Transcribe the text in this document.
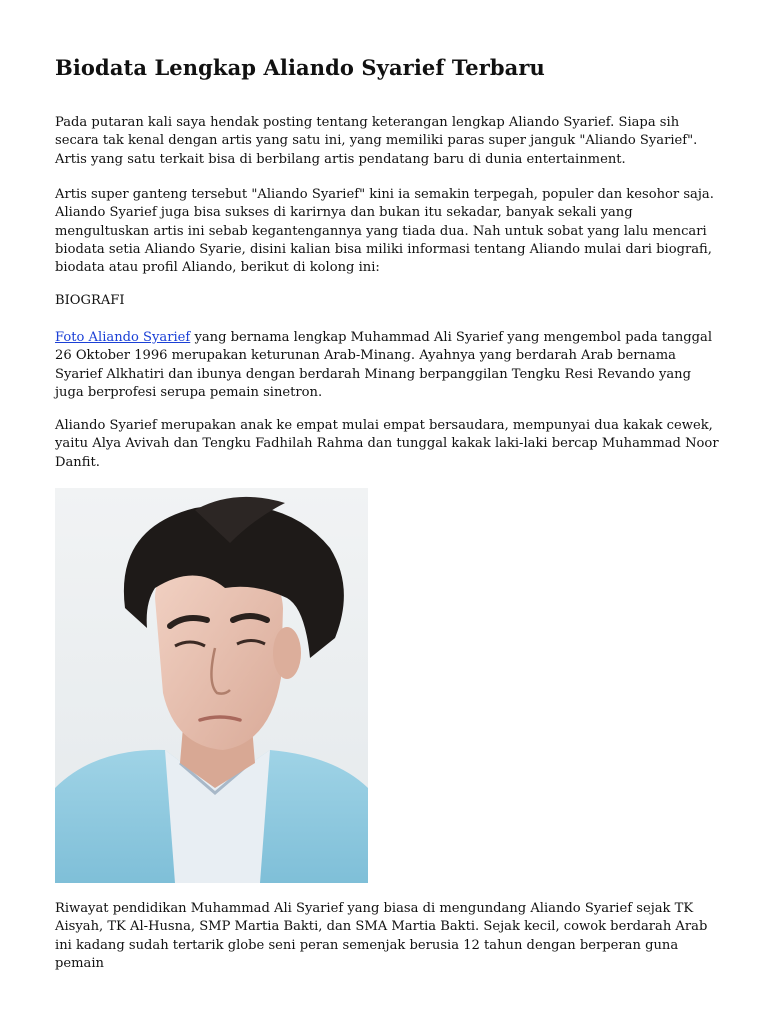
Biodata Lengkap Aliando Syarief Terbaru

Pada putaran kali saya hendak posting tentang keterangan lengkap Aliando Syarief. Siapa sih secara tak kenal dengan artis yang satu ini, yang memiliki paras super janguk "Aliando Syarief". Artis yang satu terkait bisa di berbilang artis pendatang baru di dunia entertainment.

Artis super ganteng tersebut "Aliando Syarief" kini ia semakin terpegah, populer dan kesohor saja. Aliando Syarief juga bisa sukses di karirnya dan bukan itu sekadar, banyak sekali yang mengultuskan artis ini sebab kegantengannya yang tiada dua. Nah untuk sobat yang lalu mencari biodata setia Aliando Syarie, disini kalian bisa miliki informasi tentang Aliando mulai dari biografi, biodata atau profil Aliando, berikut di kolong ini:

BIOGRAFI

Foto Aliando Syarief yang bernama lengkap Muhammad Ali Syarief yang mengembol pada tanggal 26 Oktober 1996 merupakan keturunan Arab-Minang. Ayahnya yang berdarah Arab bernama Syarief Alkhatiri dan ibunya dengan berdarah Minang berpanggilan Tengku Resi Revando yang juga berprofesi serupa pemain sinetron.

Aliando Syarief merupakan anak ke empat mulai empat bersaudara, mempunyai dua kakak cewek, yaitu Alya Avivah dan Tengku Fadhilah Rahma dan tunggal kakak laki-laki bercap Muhammad Noor Danfit.

Riwayat pendidikan Muhammad Ali Syarief yang biasa di mengundang Aliando Syarief sejak TK Aisyah, TK Al-Husna, SMP Martia Bakti, dan SMA Martia Bakti. Sejak kecil, cowok berdarah Arab ini kadang sudah tertarik globe seni peran semenjak berusia 12 tahun dengan berperan guna pemain
